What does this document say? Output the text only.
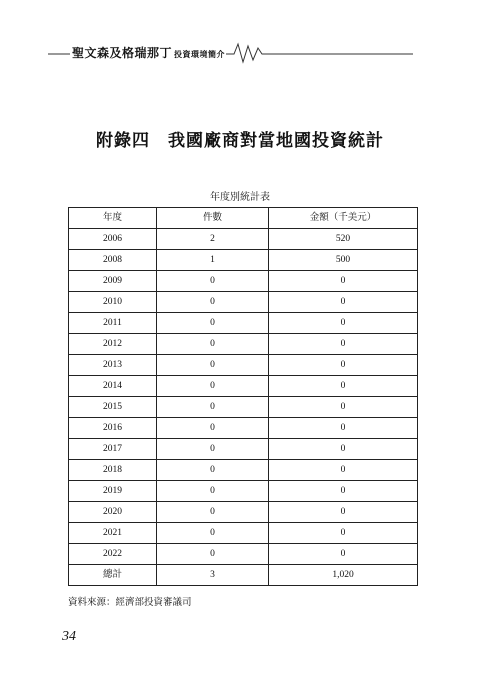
聖文森及格瑞那丁 投資環境簡介
附錄四　我國廠商對當地國投資統計
年度別統計表
年度	件數	金額（千美元）
2006	2	520
2008	1	500
2009	0	0
2010	0	0
2011	0	0
2012	0	0
2013	0	0
2014	0	0
2015	0	0
2016	0	0
2017	0	0
2018	0	0
2019	0	0
2020	0	0
2021	0	0
2022	0	0
總計	3	1,020
資料來源：經濟部投資審議司
34
